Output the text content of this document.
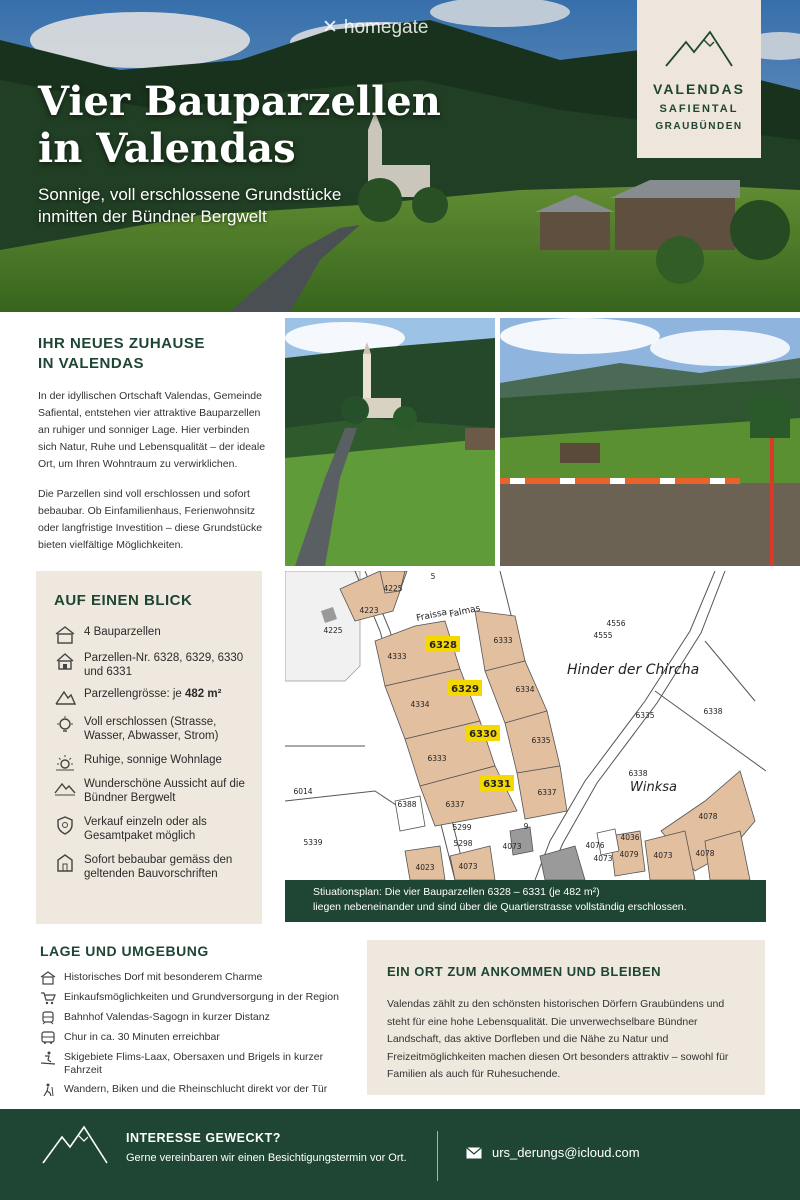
✕ homegate
Vier Bauparzellen
in Valendas
Sonnige, voll erschlossene Grundstücke
inmitten der Bündner Bergwelt
VALENDAS
SAFIENTAL
GRAUBÜNDEN
IHR NEUES ZUHAUSE
IN VALENDAS

In der idyllischen Ortschaft Valendas, Gemeinde Safiental, entstehen vier attraktive Bauparzellen an ruhiger und sonniger Lage. Hier verbinden sich Natur, Ruhe und Lebensqualität – der ideale Ort, um Ihren Wohntraum zu verwirklichen.

Die Parzellen sind voll erschlossen und sofort bebaubar. Ob Einfamilienhaus, Ferienwohnsitz oder langfristige Investition – diese Grundstücke bieten vielfältige Möglichkeiten.

AUF EINEN BLICK
4 Bauparzellen
Parzellen-Nr. 6328, 6329, 6330 und 6331
Parzellengrösse: je 482 m²
Voll erschlossen (Strasse, Wasser, Abwasser, Strom)
Ruhige, sonnige Wohnlage
Wunderschöne Aussicht auf die Bündner Bergwelt
Verkauf einzeln oder als Gesamtpaket möglich
Sofort bebaubar gemäss den geltenden Bauvorschriften
Hinder der Chircha
Winksa
Fraissa Falmas
6328
6329
6330
6331
4225
4223
4225
4333
6333
4334
6334
6333
6335
6337
6388	6337
5299
5298	4073
4023	4073
4076
4036
4073 4079 4073
4078
4078
6338
6335	6338
4556
4555
6014
5339
5
9
Stiuationsplan: Die vier Bauparzellen 6328 – 6331 (je 482 m²)
liegen nebeneinander und sind über die Quartierstrasse vollständig erschlossen.
LAGE UND UMGEBUNG
Historisches Dorf mit besonderem Charme
Einkaufsmöglichkeiten und Grundversorgung in der Region
Bahnhof Valendas-Sagogn in kurzer Distanz
Chur in ca. 30 Minuten erreichbar
Skigebiete Flims-Laax, Obersaxen und Brigels in kurzer Fahrzeit
Wandern, Biken und die Rheinschlucht direkt vor der Tür
EIN ORT ZUM ANKOMMEN UND BLEIBEN

Valendas zählt zu den schönsten historischen Dörfern Graubündens und steht für eine hohe Lebensqualität. Die unverwechselbare Bündner Landschaft, das aktive Dorfleben und die Nähe zu Natur und Freizeitmöglichkeiten machen diesen Ort besonders attraktiv – sowohl für Familien als auch für Ruhesuchende.

INTERESSE GEWECKT?
Gerne vereinbaren wir einen Besichtigungstermin vor Ort.	urs_derungs@icloud.com
